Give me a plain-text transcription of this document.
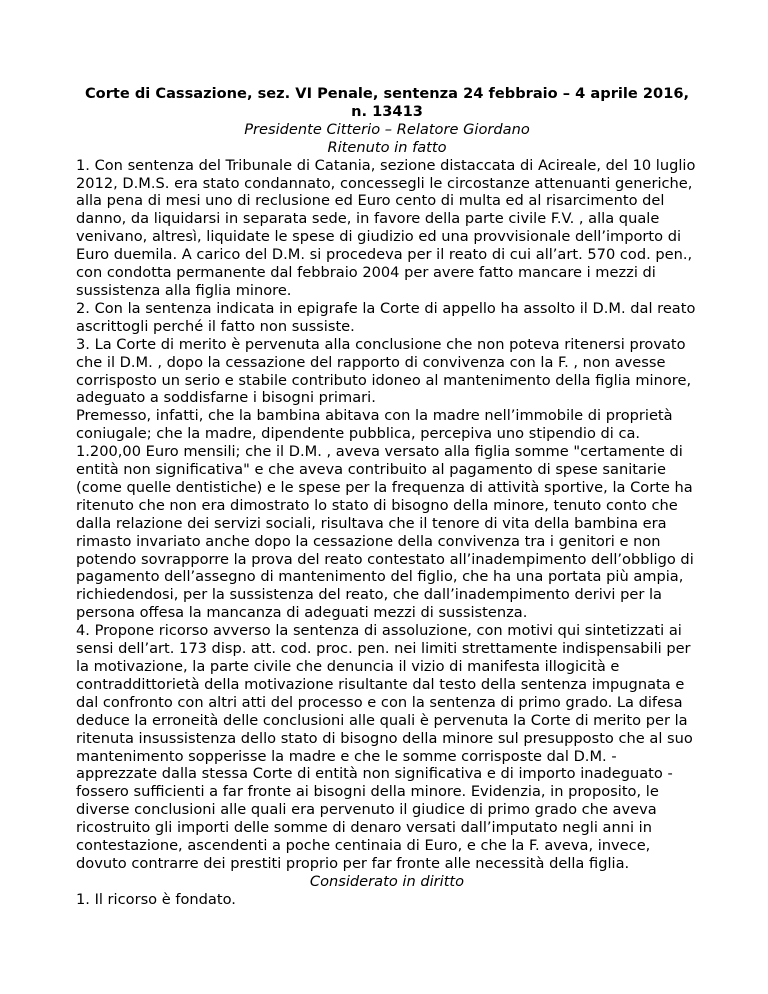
Corte di Cassazione, sez. VI Penale, sentenza 24 febbraio – 4 aprile 2016, n. 13413

Presidente Citterio – Relatore Giordano

Ritenuto in fatto

1. Con sentenza del Tribunale di Catania, sezione distaccata di Acireale, del 10 luglio 2012, D.M.S. era stato condannato, concessegli le circostanze attenuanti generiche, alla pena di mesi uno di reclusione ed Euro cento di multa ed al risarcimento del danno, da liquidarsi in separata sede, in favore della parte civile F.V. , alla quale venivano, altresì, liquidate le spese di giudizio ed una provvisionale dell’importo di Euro duemila. A carico del D.M. si procedeva per il reato di cui all’art. 570 cod. pen., con condotta permanente dal febbraio 2004 per avere fatto mancare i mezzi di sussistenza alla figlia minore.

2. Con la sentenza indicata in epigrafe la Corte di appello ha assolto il D.M. dal reato ascrittogli perché il fatto non sussiste.

3. La Corte di merito è pervenuta alla conclusione che non poteva ritenersi provato che il D.M. , dopo la cessazione del rapporto di convivenza con la F. , non avesse corrisposto un serio e stabile contributo idoneo al mantenimento della figlia minore, adeguato a soddisfarne i bisogni primari.

Premesso, infatti, che la bambina abitava con la madre nell’immobile di proprietà coniugale; che la madre, dipendente pubblica, percepiva uno stipendio di ca. 1.200,00 Euro mensili; che il D.M. , aveva versato alla figlia somme "certamente di entità non significativa" e che aveva contribuito al pagamento di spese sanitarie (come quelle dentistiche) e le spese per la frequenza di attività sportive, la Corte ha ritenuto che non era dimostrato lo stato di bisogno della minore, tenuto conto che dalla relazione dei servizi sociali, risultava che il tenore di vita della bambina era rimasto invariato anche dopo la cessazione della convivenza tra i genitori e non potendo sovrapporre la prova del reato contestato all’inadempimento dell’obbligo di pagamento dell’assegno di mantenimento del figlio, che ha una portata più ampia, richiedendosi, per la sussistenza del reato, che dall’inadempimento derivi per la persona offesa la mancanza di adeguati mezzi di sussistenza.

4. Propone ricorso avverso la sentenza di assoluzione, con motivi qui sintetizzati ai sensi dell’art. 173 disp. att. cod. proc. pen. nei limiti strettamente indispensabili per la motivazione, la parte civile che denuncia il vizio di manifesta illogicità e contraddittorietà della motivazione risultante dal testo della sentenza impugnata e dal confronto con altri atti del processo e con la sentenza di primo grado. La difesa deduce la erroneità delle conclusioni alle quali è pervenuta la Corte di merito per la ritenuta insussistenza dello stato di bisogno della minore sul presupposto che al suo mantenimento sopperisse la madre e che le somme corrisposte dal D.M. - apprezzate dalla stessa Corte di entità non significativa e di importo inadeguato - fossero sufficienti a far fronte ai bisogni della minore. Evidenzia, in proposito, le diverse conclusioni alle quali era pervenuto il giudice di primo grado che aveva ricostruito gli importi delle somme di denaro versati dall’imputato negli anni in contestazione, ascendenti a poche centinaia di Euro, e che la F. aveva, invece, dovuto contrarre dei prestiti proprio per far fronte alle necessità della figlia.

Considerato in diritto

1. Il ricorso è fondato.
